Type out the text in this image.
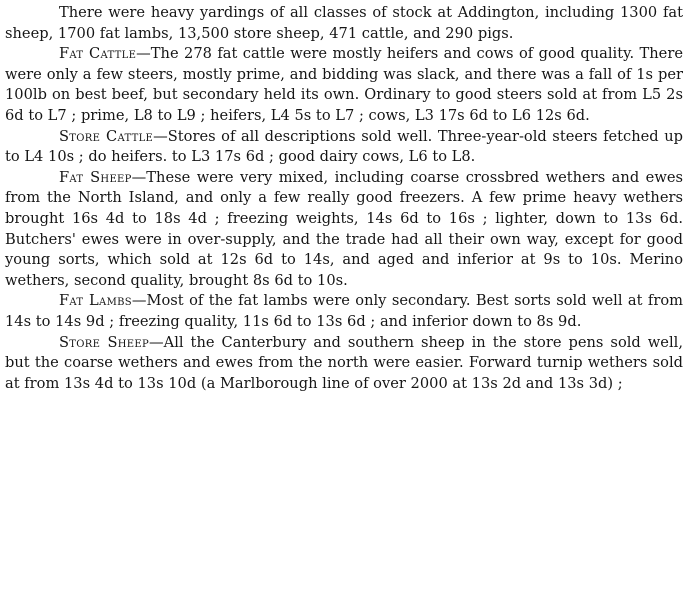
There were heavy yardings of all classes of stock at Addington, including 1300 fat sheep, 1700 fat lambs, 13,500 store sheep, 471 cattle, and 290 pigs.

Fat Cattle—The 278 fat cattle were mostly heifers and cows of good quality. There were only a few steers, mostly prime, and bidding was slack, and there was a fall of 1s per 100lb on best beef, but secondary held its own. Ordinary to good steers sold at from L5 2s 6d to L7 ; prime, L8 to L9 ; heifers, L4 5s to L7 ; cows, L3 17s 6d to L6 12s 6d.

Store Cattle—Stores of all descriptions sold well. Three-year-old steers fetched up to L4 10s ; do heifers. to L3 17s 6d ; good dairy cows, L6 to L8.

Fat Sheep—These were very mixed, including coarse crossbred wethers and ewes from the North Island, and only a few really good freezers. A few prime heavy wethers brought 16s 4d to 18s 4d ; freezing weights, 14s 6d to 16s ; lighter, down to 13s 6d. Butchers' ewes were in over-supply, and the trade had all their own way, except for good young sorts, which sold at 12s 6d to 14s, and aged and inferior at 9s to 10s. Merino wethers, second quality, brought 8s 6d to 10s.

Fat Lambs—Most of the fat lambs were only secondary. Best sorts sold well at from 14s to 14s 9d ; freezing quality, 11s 6d to 13s 6d ; and inferior down to 8s 9d.

Store Sheep—All the Canterbury and southern sheep in the store pens sold well, but the coarse wethers and ewes from the north were easier. Forward turnip wethers sold at from 13s 4d to 13s 10d (a Marlborough line of over 2000 at 13s 2d and 13s 3d) ;
